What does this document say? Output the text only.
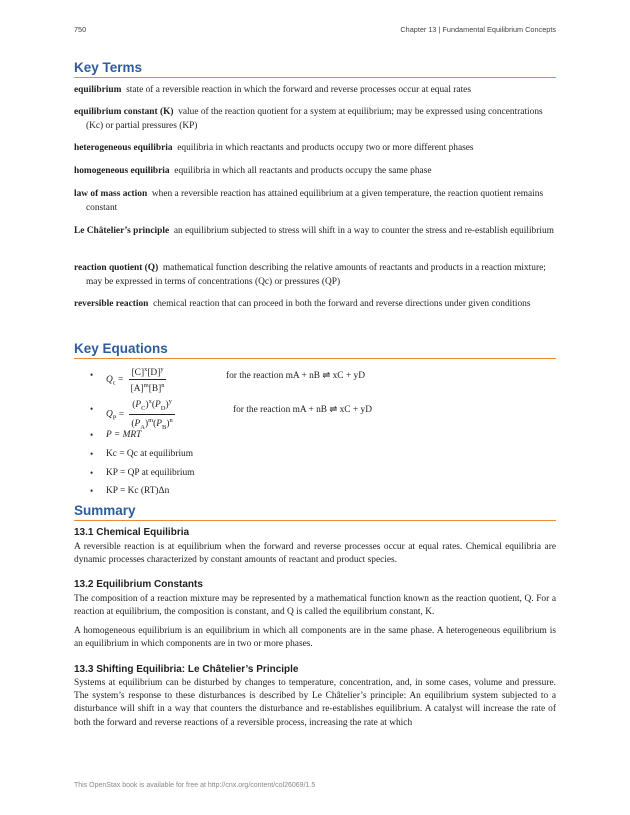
750	Chapter 13 | Fundamental Equilibrium Concepts
Key Terms
equilibrium state of a reversible reaction in which the forward and reverse processes occur at equal rates
equilibrium constant (K) value of the reaction quotient for a system at equilibrium; may be expressed using concentrations (Kc) or partial pressures (KP)
heterogeneous equilibria equilibria in which reactants and products occupy two or more different phases
homogeneous equilibria equilibria in which all reactants and products occupy the same phase
law of mass action when a reversible reaction has attained equilibrium at a given temperature, the reaction quotient remains constant
Le Châtelier’s principle an equilibrium subjected to stress will shift in a way to counter the stress and re-establish equilibrium
reaction quotient (Q) mathematical function describing the relative amounts of reactants and products in a reaction mixture; may be expressed in terms of concentrations (Qc) or pressures (QP)
reversible reaction chemical reaction that can proceed in both the forward and reverse directions under given conditions
Key Equations
• $Q_c = \frac{[C]^x[D]^y}{[A]^m[B]^n}$	for the reaction mA + nB ⇌ xC + yD
•
$Q_P = \frac{(P_C)^x(P_D)^y}{(P_A)^m(P_B)^n}$	for the reaction mA + nB ⇌ xC + yD
• P = MRT
• Kc = Qc at equilibrium
• KP = QP at equilibrium
• KP = Kc (RT)Δn
Summary
13.1 Chemical Equilibria

A reversible reaction is at equilibrium when the forward and reverse processes occur at equal rates. Chemical equilibria are dynamic processes characterized by constant amounts of reactant and product species.

13.2 Equilibrium Constants

The composition of a reaction mixture may be represented by a mathematical function known as the reaction quotient, Q. For a reaction at equilibrium, the composition is constant, and Q is called the equilibrium constant, K.

A homogeneous equilibrium is an equilibrium in which all components are in the same phase. A heterogeneous equilibrium is an equilibrium in which components are in two or more phases.

13.3 Shifting Equilibria: Le Châtelier’s Principle

Systems at equilibrium can be disturbed by changes to temperature, concentration, and, in some cases, volume and pressure. The system’s response to these disturbances is described by Le Châtelier’s principle: An equilibrium system subjected to a disturbance will shift in a way that counters the disturbance and re-establishes equilibrium. A catalyst will increase the rate of both the forward and reverse reactions of a reversible process, increasing the rate at which

This OpenStax book is available for free at http://cnx.org/content/col26069/1.5
